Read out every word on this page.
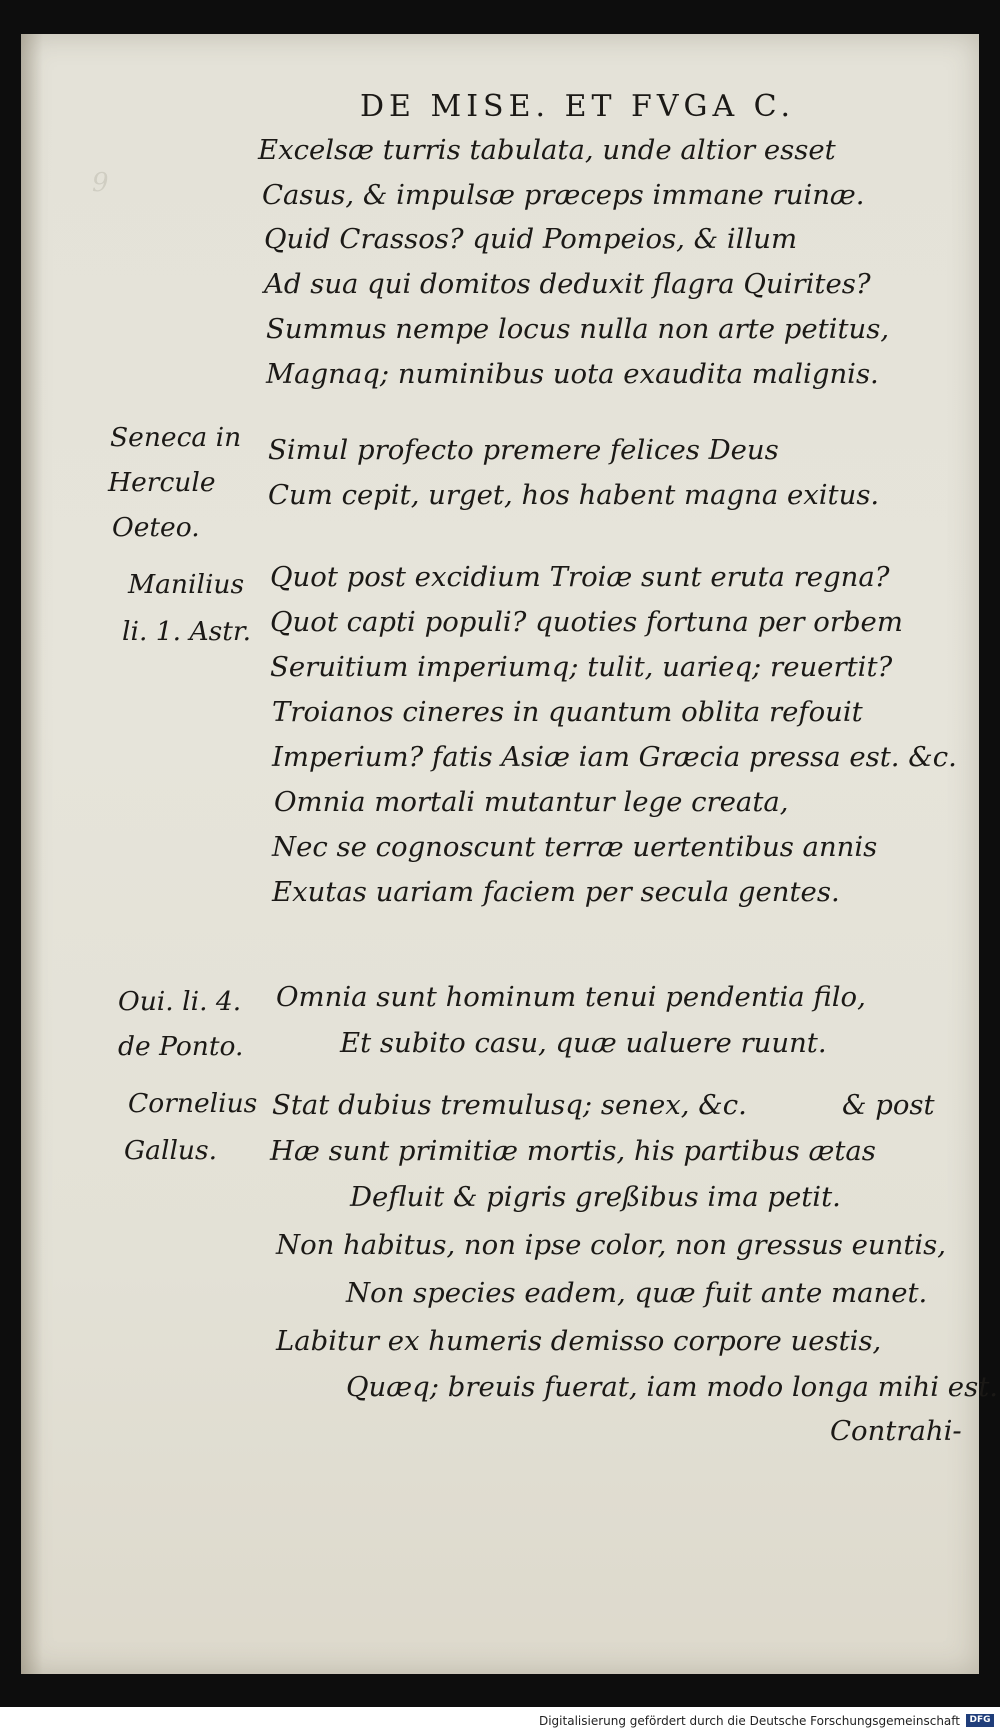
9
DE MISE. ET FVGA C.
Excelsæ turris tabulata, unde altior esset
Casus, & impulsæ præceps immane ruinæ.
Quid Crassos? quid Pompeios, & illum
Ad sua qui domitos deduxit flagra Quirites?
Summus nempe locus nulla non arte petitus,
Magnaq; numinibus uota exaudita malignis.
Simul profecto premere felices Deus
Cum cepit, urget, hos habent magna exitus.
Quot post excidium Troiæ sunt eruta regna?
Quot capti populi? quoties fortuna per orbem
Seruitium imperiumq; tulit, uarieq; reuertit?
Troianos cineres in quantum oblita refouit
Imperium? fatis Asiæ iam Græcia pressa est. &c.
Omnia mortali mutantur lege creata,
Nec se cognoscunt terræ uertentibus annis
Exutas uariam faciem per secula gentes.
Omnia sunt hominum tenui pendentia filo,
Et subito casu, quæ ualuere ruunt.
Stat dubius tremulusq; senex, &c.	& post
Hæ sunt primitiæ mortis, his partibus ætas
Defluit & pigris greßibus ima petit.
Non habitus, non ipse color, non gressus euntis,
Non species eadem, quæ fuit ante manet.
Labitur ex humeris demisso corpore uestis,
Quæq; breuis fuerat, iam modo longa mihi est.
Contrahi-
Seneca in
Hercule
Oeteo.
Manilius
li. 1. Astr.
Oui. li. 4.
de Ponto.
Cornelius
Gallus.
Digitalisierung gefördert durch die Deutsche Forschungsgemeinschaft	DFG
